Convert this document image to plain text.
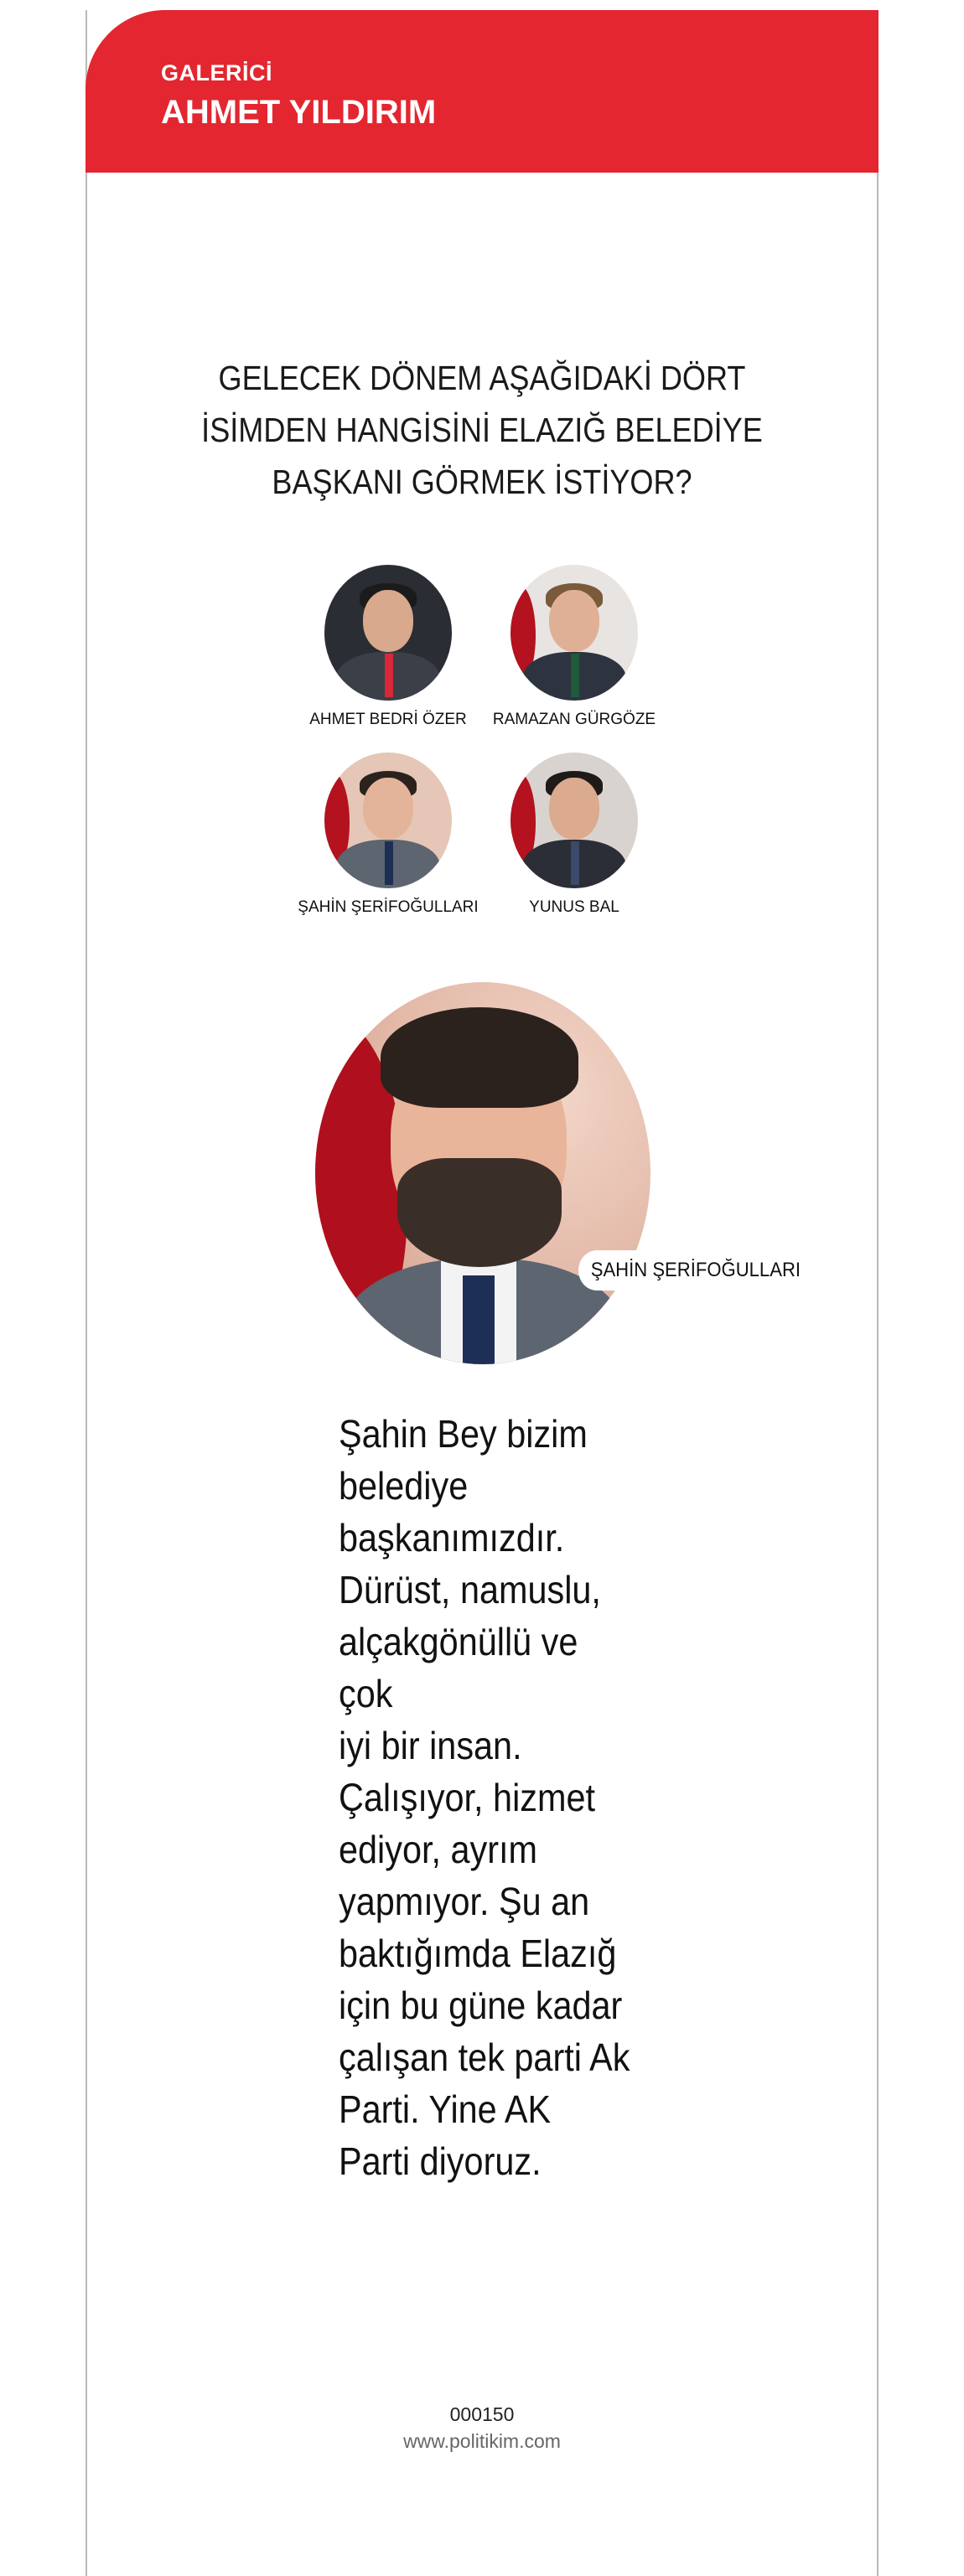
GALERİCİ
AHMET YILDIRIM
GELECEK DÖNEM AŞAĞIDAKİ DÖRT İSİMDEN HANGİSİNİ ELAZIĞ BELEDİYE BAŞKANI GÖRMEK İSTİYOR?
AHMET BEDRİ ÖZER	RAMAZAN GÜRGÖZE
ŞAHİN ŞERİFOĞULLARI	YUNUS BAL
ŞAHİN ŞERİFOĞULLARI
Şahin Bey bizim
belediye
başkanımızdır.
Dürüst, namuslu,
alçakgönüllü ve çok
iyi bir insan.
Çalışıyor, hizmet
ediyor, ayrım
yapmıyor. Şu an
baktığımda Elazığ
için bu güne kadar
çalışan tek parti Ak
Parti. Yine AK
Parti diyoruz.
000150
www.politikim.com
